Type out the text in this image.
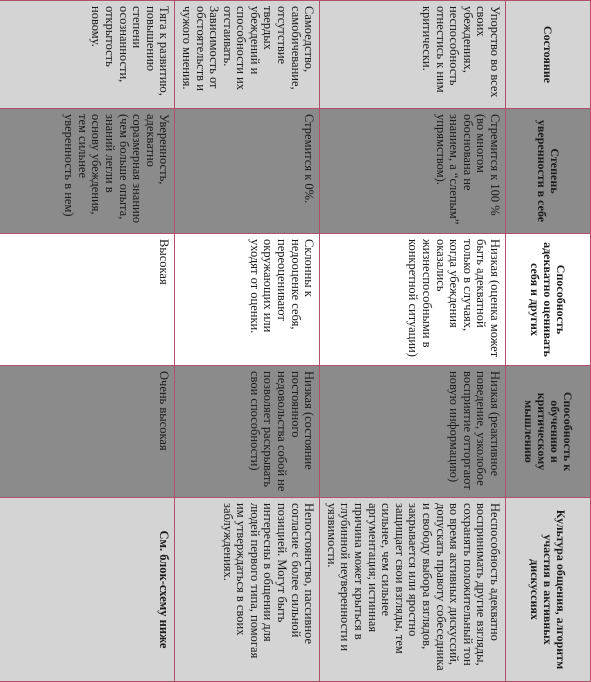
Состояние	Степень уверенности в себе	Способность адекватно оценивать себя и других	Способность к обучению и критическому мышлению	Культура общения, алгоритм участия в активных дискуссиях
Упорство во всех своих убеждениях, неспособность отнестись к ним критически.	Стремится к 100 % (во многом обоснована не знанием, а “слепым” упрямством).	Низкая (оценка может быть адекватной только в случаях, когда убеждения оказались жизнеспособными в конкретной ситуации)	Низкая (реактивное поведение, узколобое восприятие отторгают новую информацию)	Неспособность адекватно воспринимать другие взгляды, сохранять положительный тон во время активных дискуссий, допускать правоту собеседника и свободу выбора взглядов, закрывается или яростно защищает свои взгляды, тем сильнее, чем сильнее аргументация; истинная причина может крыться в глубинной неуверенности и уязвимости.
Самоедство, самобичевание, отсутствие твердых убеждений и способности их отстаивать. Зависимость от обстоятельств и чужого мнения.	Стремится к 0%.	Склонны к недооценке себя, переоценивают окружающих или уходят от оценки.	Низкая (состояние постоянного недовольства собой не позволяет раскрывать свои способности)	Непостоянство, пассивное согласие с более сильной позицией. Могут быть интересны в общении для людей первого типа, помогая им утверждаться в своих заблуждениях.
Тяга к развитию, повышению степени осознанности, открытость новому.	Уверенность, адекватно соразмерная знанию (чем больше опыта, знаний легли в основу убеждения, тем сильнее уверенность в нем)	Высокая	Очень высокая	См. блок-схему ниже
